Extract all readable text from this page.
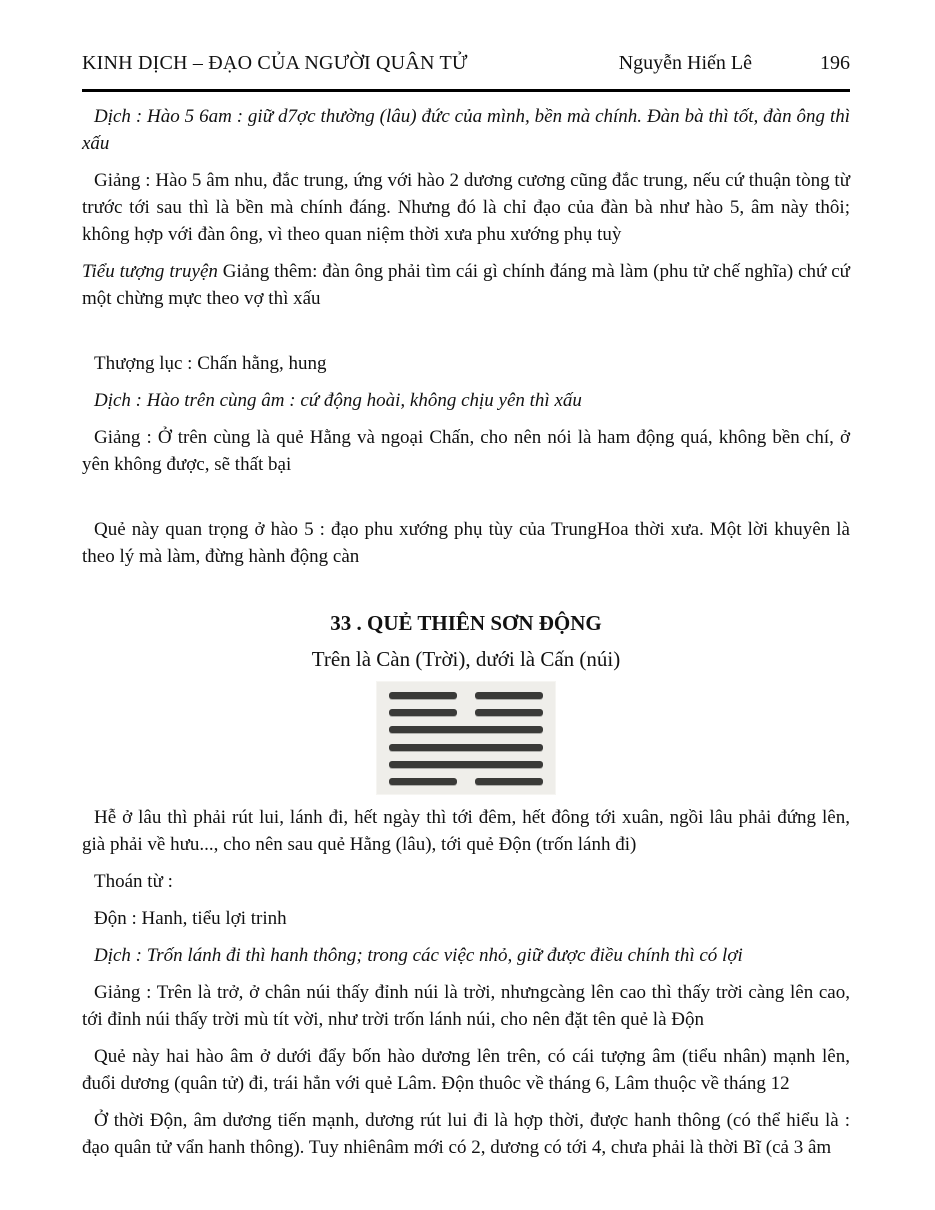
KINH DỊCH – ĐẠO CỦA NGƯỜI QUÂN TỬ	Nguyễn Hiến Lê	196

Dịch : Hào 5 6am : giữ d7ợc thường (lâu) đức của mình, bền mà chính. Đàn bà thì tốt, đàn ông thì xấu

Giảng : Hào 5 âm nhu, đắc trung, ứng với hào 2 dương cương cũng đắc trung, nếu cứ thuận tòng từ trước tới sau thì là bền mà chính đáng. Nhưng đó là chỉ đạo của đàn bà như hào 5, âm này thôi; không hợp với đàn ông, vì theo quan niệm thời xưa phu xướng phụ tuỳ

Tiểu tượng truyện Giảng thêm: đàn ông phải tìm cái gì chính đáng mà làm (phu tử chế nghĩa) chứ cứ một chừng mực theo vợ thì xấu

Thượng lục : Chấn hằng, hung

Dịch : Hào trên cùng âm : cứ động hoài, không chịu yên thì xấu

Giảng : Ở trên cùng là quẻ Hằng và ngoại Chấn, cho nên nói là ham động quá, không bền chí, ở yên không được, sẽ thất bại

Quẻ này quan trọng ở hào 5 : đạo phu xướng phụ tùy của TrungHoa thời xưa. Một lời khuyên là theo lý mà làm, đừng hành động càn

33 . QUẺ THIÊN SƠN ĐỘNG

Trên là Càn (Trời), dưới là Cấn (núi)

Hễ ở lâu thì phải rút lui, lánh đi, hết ngày thì tới đêm, hết đông tới xuân, ngồi lâu phải đứng lên, già phải về hưu..., cho nên sau quẻ Hằng (lâu), tới quẻ Độn (trốn lánh đi)

Thoán từ :

Độn : Hanh, tiểu lợi trinh

Dịch : Trốn lánh đi thì hanh thông; trong các việc nhỏ, giữ được điều chính thì có lợi

Giảng : Trên là trở, ở chân núi thấy đỉnh núi là trời, nhưngcàng lên cao thì thấy trời càng lên cao, tới đỉnh núi thấy trời mù tít vời, như trời trốn lánh núi, cho nên đặt tên quẻ là Độn

Quẻ này hai hào âm ở dưới đẩy bốn hào dương lên trên, có cái tượng âm (tiểu nhân) mạnh lên, đuổi dương (quân tử) đi, trái hẳn với quẻ Lâm. Độn thuôc về tháng 6, Lâm thuộc về tháng 12

Ở thời Độn, âm dương tiến mạnh, dương rút lui đi là hợp thời, được hanh thông (có thể hiểu là : đạo quân tử vẩn hanh thông). Tuy nhiênâm mới có 2, dương có tới 4, chưa phải là thời Bĩ (cả 3 âm
